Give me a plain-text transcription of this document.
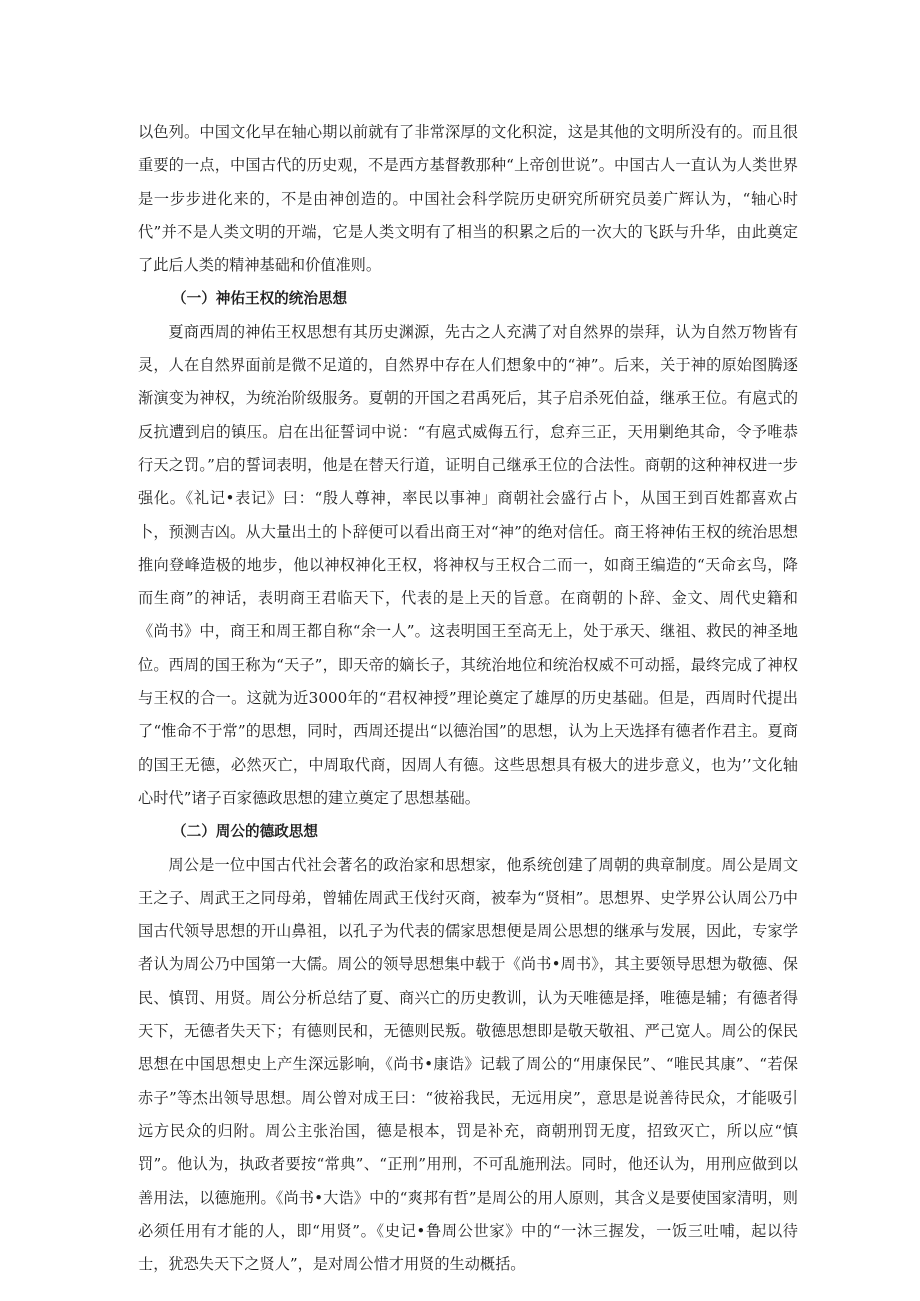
以色列。中国文化早在轴心期以前就有了非常深厚的文化积淀，这是其他的文明所没有的。而且很重要的一点，中国古代的历史观，不是西方基督教那种“上帝创世说”。中国古人一直认为人类世界是一步步进化来的，不是由神创造的。中国社会科学院历史研究所研究员姜广辉认为，“轴心时代”并不是人类文明的开端，它是人类文明有了相当的积累之后的一次大的飞跃与升华，由此奠定了此后人类的精神基础和价值准则。

（一）神佑王权的统治思想

夏商西周的神佑王权思想有其历史渊源，先古之人充满了对自然界的崇拜，认为自然万物皆有灵，人在自然界面前是微不足道的，自然界中存在人们想象中的“神”。后来，关于神的原始图腾逐渐演变为神权，为统治阶级服务。夏朝的开国之君禹死后，其子启杀死伯益，继承王位。有扈式的反抗遭到启的镇压。启在出征誓词中说：“有扈式威侮五行，怠弃三正，天用剿绝其命，令予唯恭行天之罚。”启的誓词表明，他是在替天行道，证明自己继承王位的合法性。商朝的这种神权进一步强化。《礼记•表记》曰：“殷人尊神，率民以事神」商朝社会盛行占卜，从国王到百姓都喜欢占卜，预测吉凶。从大量出土的卜辞便可以看出商王对“神”的绝对信任。商王将神佑王权的统治思想推向登峰造极的地步，他以神权神化王权，将神权与王权合二而一，如商王编造的“天命玄鸟，降而生商”的神话，表明商王君临天下，代表的是上天的旨意。在商朝的卜辞、金文、周代史籍和《尚书》中，商王和周王都自称“余一人”。这表明国王至高无上，处于承天、继祖、救民的神圣地位。西周的国王称为“天子”，即天帝的嫡长子，其统治地位和统治权威不可动摇，最终完成了神权与王权的合一。这就为近3000年的“君权神授”理论奠定了雄厚的历史基础。但是，西周时代提出了“惟命不于常”的思想，同时，西周还提出“以德治国”的思想，认为上天选择有德者作君主。夏商的国王无德，必然灭亡，中周取代商，因周人有德。这些思想具有极大的进步意义，也为’’文化轴心时代”诸子百家德政思想的建立奠定了思想基础。

（二）周公的德政思想

周公是一位中国古代社会著名的政治家和思想家，他系统创建了周朝的典章制度。周公是周文王之子、周武王之同母弟，曾辅佐周武王伐纣灭商，被奉为“贤相”。思想界、史学界公认周公乃中国古代领导思想的开山鼻祖，以孔子为代表的儒家思想便是周公思想的继承与发展，因此，专家学者认为周公乃中国第一大儒。周公的领导思想集中载于《尚书•周书》，其主要领导思想为敬德、保民、慎罚、用贤。周公分析总结了夏、商兴亡的历史教训，认为天唯德是择，唯德是辅；有德者得天下，无德者失天下；有德则民和，无德则民叛。敬德思想即是敬天敬祖、严己宽人。周公的保民思想在中国思想史上产生深远影响，《尚书•康诰》记载了周公的“用康保民”、“唯民其康”、“若保赤子”等杰出领导思想。周公曾对成王曰：“彼裕我民，无远用戾”，意思是说善待民众，才能吸引远方民众的归附。周公主张治国，德是根本，罚是补充，商朝刑罚无度，招致灭亡，所以应“慎罚”。他认为，执政者要按“常典”、“正刑”用刑，不可乱施刑法。同时，他还认为，用刑应做到以善用法，以德施刑。《尚书•大诰》中的“爽邦有哲”是周公的用人原则，其含义是要使国家清明，则必须任用有才能的人，即“用贤”。《史记•鲁周公世家》中的“一沐三握发，一饭三吐哺，起以待士，犹恐失天下之贤人”，是对周公惜才用贤的生动概括。
